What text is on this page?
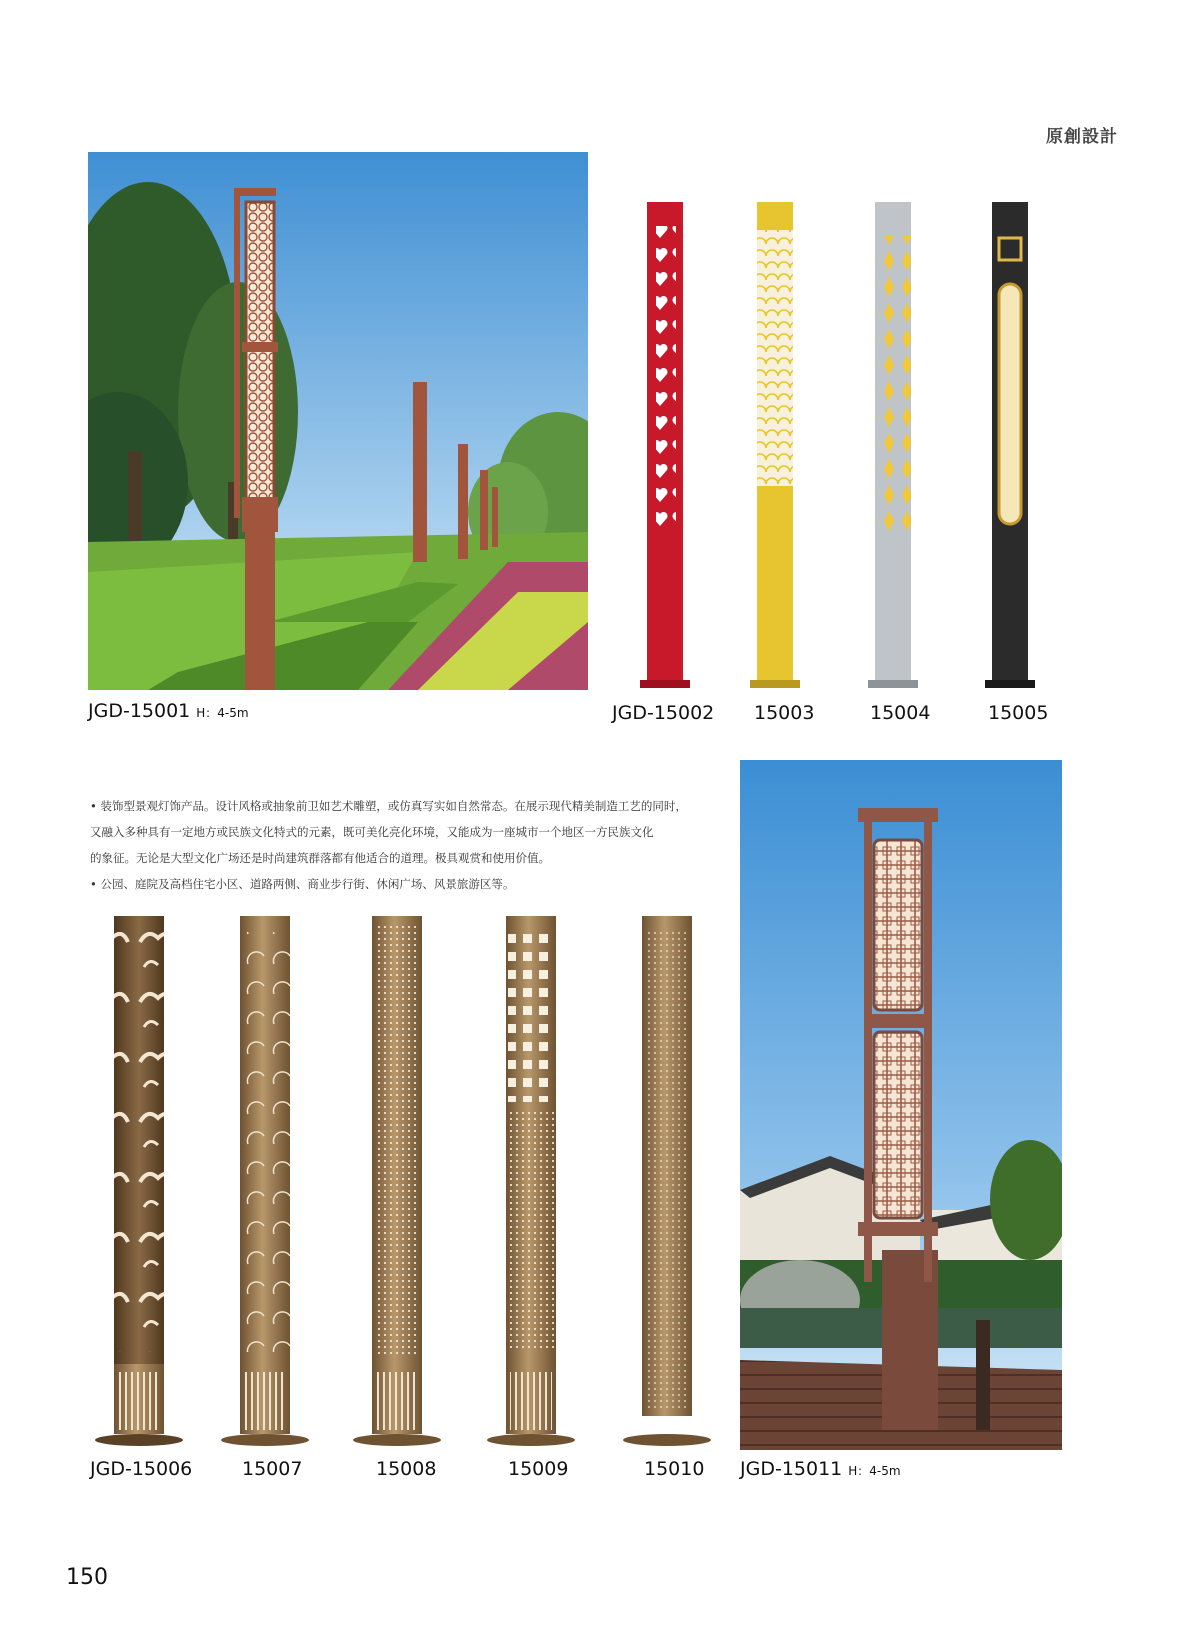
原創設計
JGD-15001 H：4-5m	JGD-15002 15003	15004	15005

• 装饰型景观灯饰产品。设计风格或抽象前卫如艺术雕塑，或仿真写实如自然常态。在展示现代精美制造工艺的同时，

又融入多种具有一定地方或民族文化特式的元素，既可美化亮化环境，又能成为一座城市一个地区一方民族文化

的象征。无论是大型文化广场还是时尚建筑群落都有他适合的道理。极具观赏和使用价值。

• 公园、庭院及高档住宅小区、道路两侧、商业步行街、休闲广场、风景旅游区等。

JGD-15006	15007	15008	15009	15010 JGD-15011 H：4-5m
150
